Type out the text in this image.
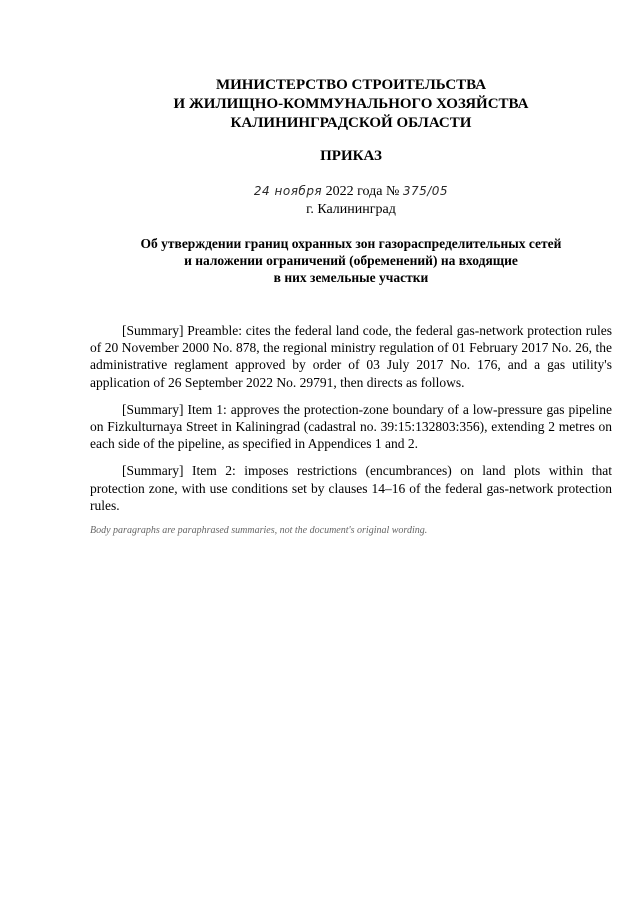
МИНИСТЕРСТВО СТРОИТЕЛЬСТВА
И ЖИЛИЩНО-КОММУНАЛЬНОГО ХОЗЯЙСТВА
КАЛИНИНГРАДСКОЙ ОБЛАСТИ
ПРИКАЗ
24 ноября 2022 года № 375/05
г. Калининград
Об утверждении границ охранных зон газораспределительных сетей
и наложении ограничений (обременений) на входящие
в них земельные участки

[Summary] Preamble: cites the federal land code, the federal gas-network protection rules of 20 November 2000 No. 878, the regional ministry regulation of 01 February 2017 No. 26, the administrative reglament approved by order of 03 July 2017 No. 176, and a gas utility's application of 26 September 2022 No. 29791, then directs as follows.

[Summary] Item 1: approves the protection-zone boundary of a low-pressure gas pipeline on Fizkulturnaya Street in Kaliningrad (cadastral no. 39:15:132803:356), extending 2 metres on each side of the pipeline, as specified in Appendices 1 and 2.

[Summary] Item 2: imposes restrictions (encumbrances) on land plots within that protection zone, with use conditions set by clauses 14–16 of the federal gas-network protection rules.

Body paragraphs are paraphrased summaries, not the document's original wording.
